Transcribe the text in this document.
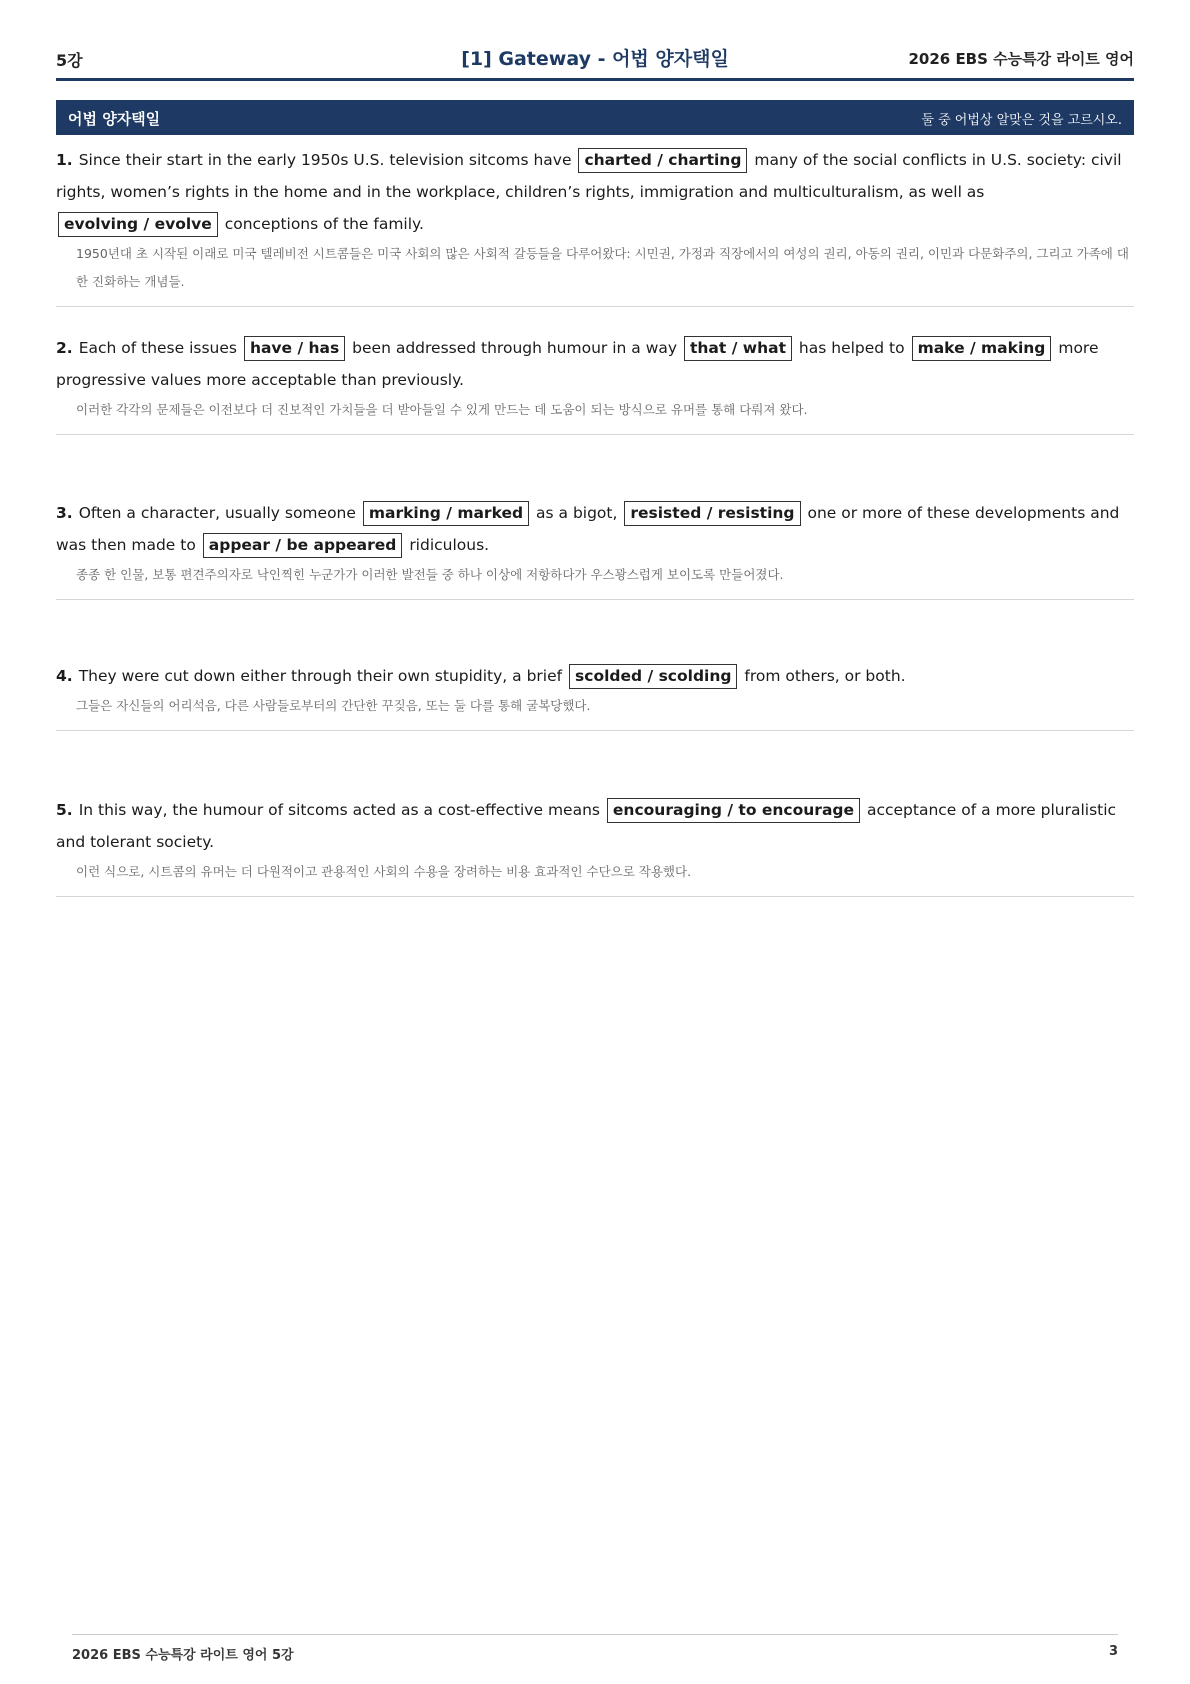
5강	[1] Gateway - 어법 양자택일	2026 EBS 수능특강 라이트 영어
어법 양자택일	둘 중 어법상 알맞은 것을 고르시오.

1. Since their start in the early 1950s U.S. television sitcoms have charted / charting many of the social conflicts in U.S. society: civil rights, women’s rights in the home and in the workplace, children’s rights, immigration and multiculturalism, as well as evolving / evolve conceptions of the family.

1950년대 초 시작된 이래로 미국 텔레비전 시트콤들은 미국 사회의 많은 사회적 갈등들을 다루어왔다: 시민권, 가정과 직장에서의 여성의 권리, 아동의 권리, 이민과 다문화주의, 그리고 가족에 대한 진화하는 개념들.

2. Each of these issues have / has been addressed through humour in a way that / what has helped to make / making more progressive values more acceptable than previously.

이러한 각각의 문제들은 이전보다 더 진보적인 가치들을 더 받아들일 수 있게 만드는 데 도움이 되는 방식으로 유머를 통해 다뤄져 왔다.

3. Often a character, usually someone marking / marked as a bigot, resisted / resisting one or more of these developments and was then made to appear / be appeared ridiculous.

종종 한 인물, 보통 편견주의자로 낙인찍힌 누군가가 이러한 발전들 중 하나 이상에 저항하다가 우스꽝스럽게 보이도록 만들어졌다.

4. They were cut down either through their own stupidity, a brief scolded / scolding from others, or both.

그들은 자신들의 어리석음, 다른 사람들로부터의 간단한 꾸짖음, 또는 둘 다를 통해 굴복당했다.

5. In this way, the humour of sitcoms acted as a cost-effective means encouraging / to encourage acceptance of a more pluralistic and tolerant society.

이런 식으로, 시트콤의 유머는 더 다원적이고 관용적인 사회의 수용을 장려하는 비용 효과적인 수단으로 작용했다.

2026 EBS 수능특강 라이트 영어 5강	3
